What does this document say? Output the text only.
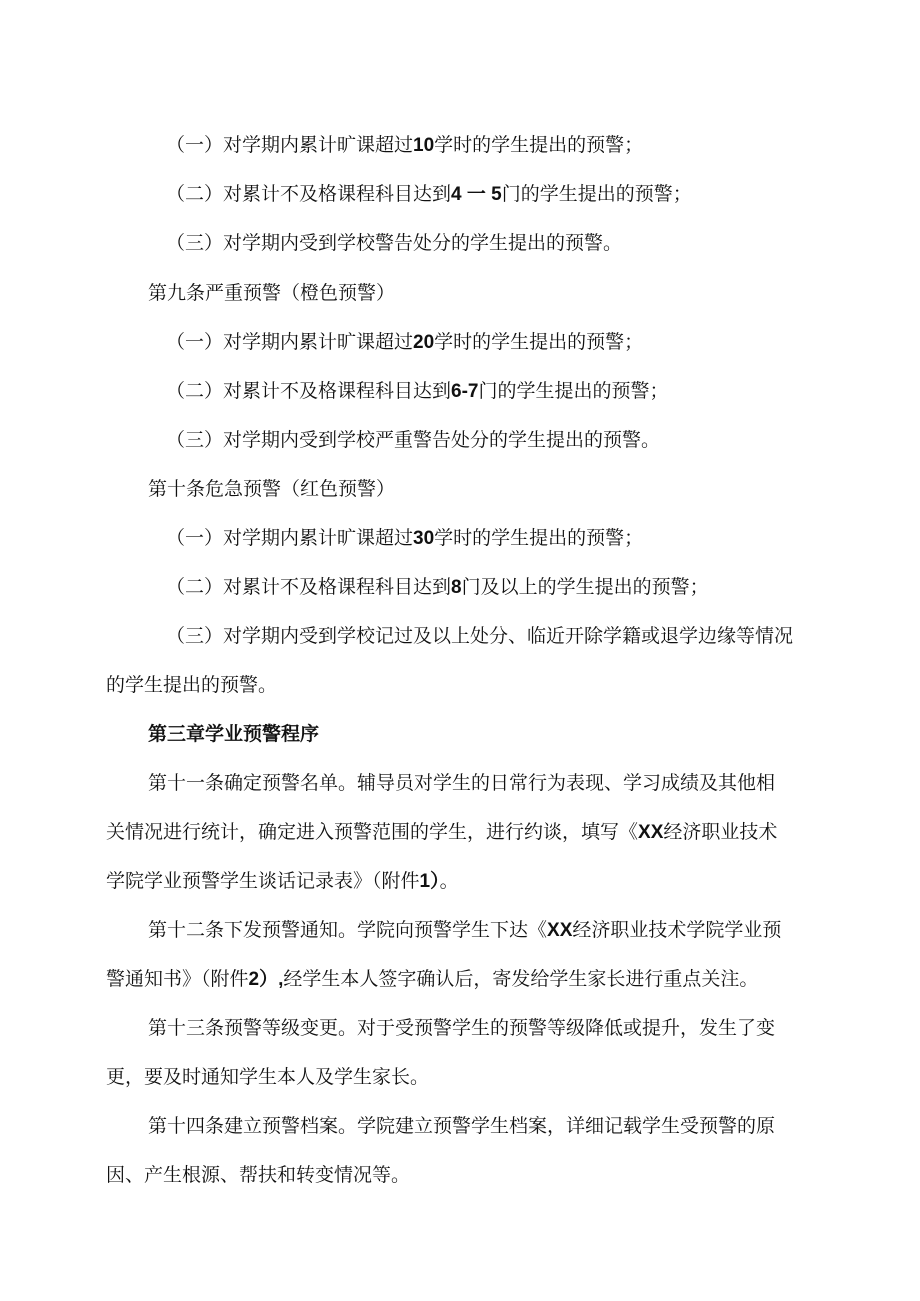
（一）对学期内累计旷课超过10学时的学生提出的预警；
（二）对累计不及格课程科目达到4 一 5门的学生提出的预警；
（三）对学期内受到学校警告处分的学生提出的预警。
第九条严重预警（橙色预警）
（一）对学期内累计旷课超过20学时的学生提出的预警；
（二）对累计不及格课程科目达到6-7门的学生提出的预警；
（三）对学期内受到学校严重警告处分的学生提出的预警。
第十条危急预警（红色预警）
（一）对学期内累计旷课超过30学时的学生提出的预警；
（二）对累计不及格课程科目达到8门及以上的学生提出的预警；
（三）对学期内受到学校记过及以上处分、临近开除学籍或退学边缘等情况
的学生提出的预警。
第三章学业预警程序
第十一条确定预警名单。辅导员对学生的日常行为表现、学习成绩及其他相
关情况进行统计，确定进入预警范围的学生，进行约谈，填写《XX经济职业技术
学院学业预警学生谈话记录表》（附件1）。
第十二条下发预警通知。学院向预警学生下达《XX经济职业技术学院学业预
警通知书》（附件2）,经学生本人签字确认后，寄发给学生家长进行重点关注。
第十三条预警等级变更。对于受预警学生的预警等级降低或提升，发生了变
更，要及时通知学生本人及学生家长。
第十四条建立预警档案。学院建立预警学生档案，详细记载学生受预警的原
因、产生根源、帮扶和转变情况等。
